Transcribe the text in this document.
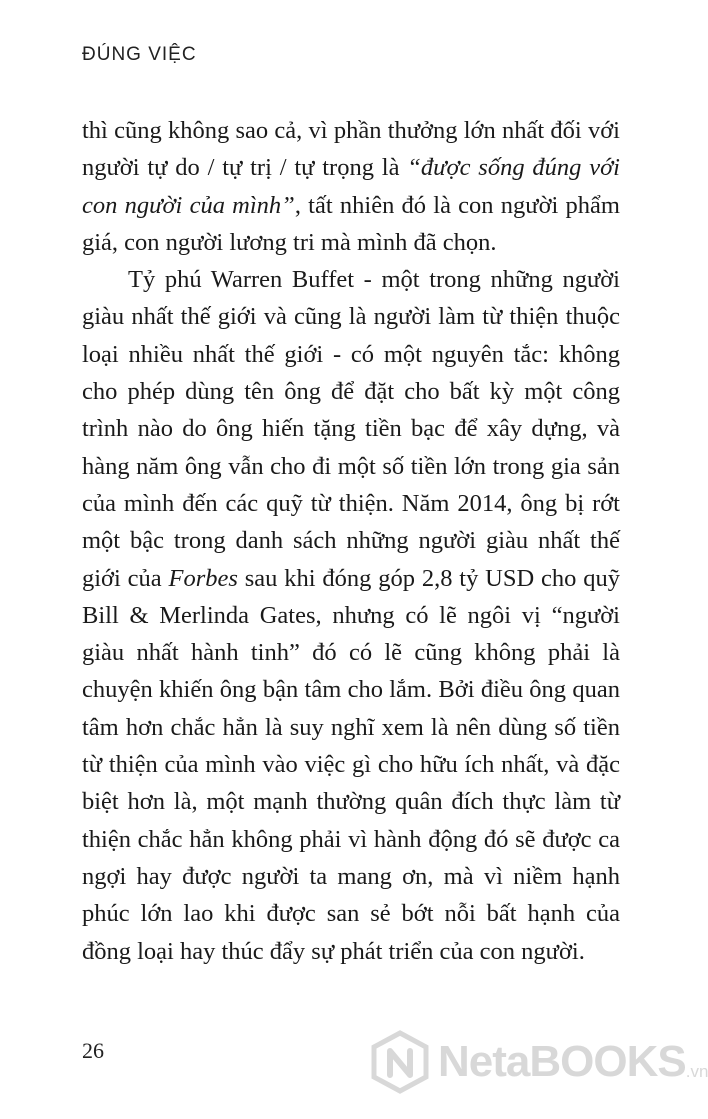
ĐÚNG VIỆC

thì cũng không sao cả, vì phần thưởng lớn nhất đối với người tự do / tự trị / tự trọng là “được sống đúng với con người của mình”, tất nhiên đó là con người phẩm giá, con người lương tri mà mình đã chọn.

Tỷ phú Warren Buffet - một trong những người giàu nhất thế giới và cũng là người làm từ thiện thuộc loại nhiều nhất thế giới - có một nguyên tắc: không cho phép dùng tên ông để đặt cho bất kỳ một công trình nào do ông hiến tặng tiền bạc để xây dựng, và hàng năm ông vẫn cho đi một số tiền lớn trong gia sản của mình đến các quỹ từ thiện. Năm 2014, ông bị rớt một bậc trong danh sách những người giàu nhất thế giới của Forbes sau khi đóng góp 2,8 tỷ USD cho quỹ Bill & Merlinda Gates, nhưng có lẽ ngôi vị “người giàu nhất hành tinh” đó có lẽ cũng không phải là chuyện khiến ông bận tâm cho lắm. Bởi điều ông quan tâm hơn chắc hẳn là suy nghĩ xem là nên dùng số tiền từ thiện của mình vào việc gì cho hữu ích nhất, và đặc biệt hơn là, một mạnh thường quân đích thực làm từ thiện chắc hẳn không phải vì hành động đó sẽ được ca ngợi hay được người ta mang ơn, mà vì niềm hạnh phúc lớn lao khi được san sẻ bớt nỗi bất hạnh của đồng loại hay thúc đẩy sự phát triển của con người.

26	NetaBOOKS .vn
